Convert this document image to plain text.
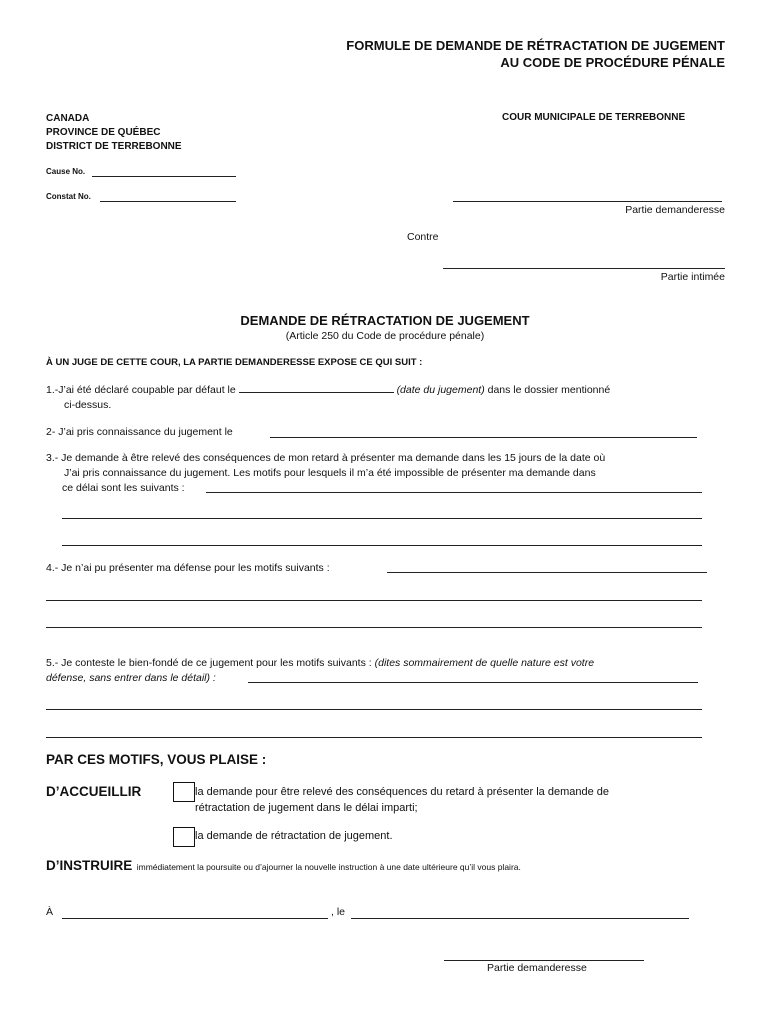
FORMULE DE DEMANDE DE RÉTRACTATION DE JUGEMENT
AU CODE DE PROCÉDURE PÉNALE
CANADA
PROVINCE DE QUÉBEC
DISTRICT DE TERREBONNE
COUR MUNICIPALE DE TERREBONNE
Cause No.
Constat No.
Partie demanderesse
Contre
Partie intimée
DEMANDE DE RÉTRACTATION DE JUGEMENT
(Article 250 du Code de procédure pénale)
À UN JUGE DE CETTE COUR, LA PARTIE DEMANDERESSE EXPOSE CE QUI SUIT :
1.-J’ai été déclaré coupable par défaut le	(date du jugement) dans le dossier mentionné
ci-dessus.
2- J’ai pris connaissance du jugement le
3.- Je demande à être relevé des conséquences de mon retard à présenter ma demande dans les 15 jours de la date où
J’ai pris connaissance du jugement. Les motifs pour lesquels il m’a été impossible de présenter ma demande dans
ce délai sont les suivants :
4.- Je n’ai pu présenter ma défense pour les motifs suivants :
5.- Je conteste le bien-fondé de ce jugement pour les motifs suivants : (dites sommairement de quelle nature est votre
défense, sans entrer dans le détail) :
PAR CES MOTIFS, VOUS PLAISE :
D’ACCUEILLIR	la demande pour être relevé des conséquences du retard à présenter la demande de
rétractation de jugement dans le délai imparti;
la demande de rétractation de jugement.
D’INSTRUIRE immédiatement la poursuite ou d’ajourner la nouvelle instruction à une date ultérieure qu’il vous plaira.
À	, le
Partie demanderesse
